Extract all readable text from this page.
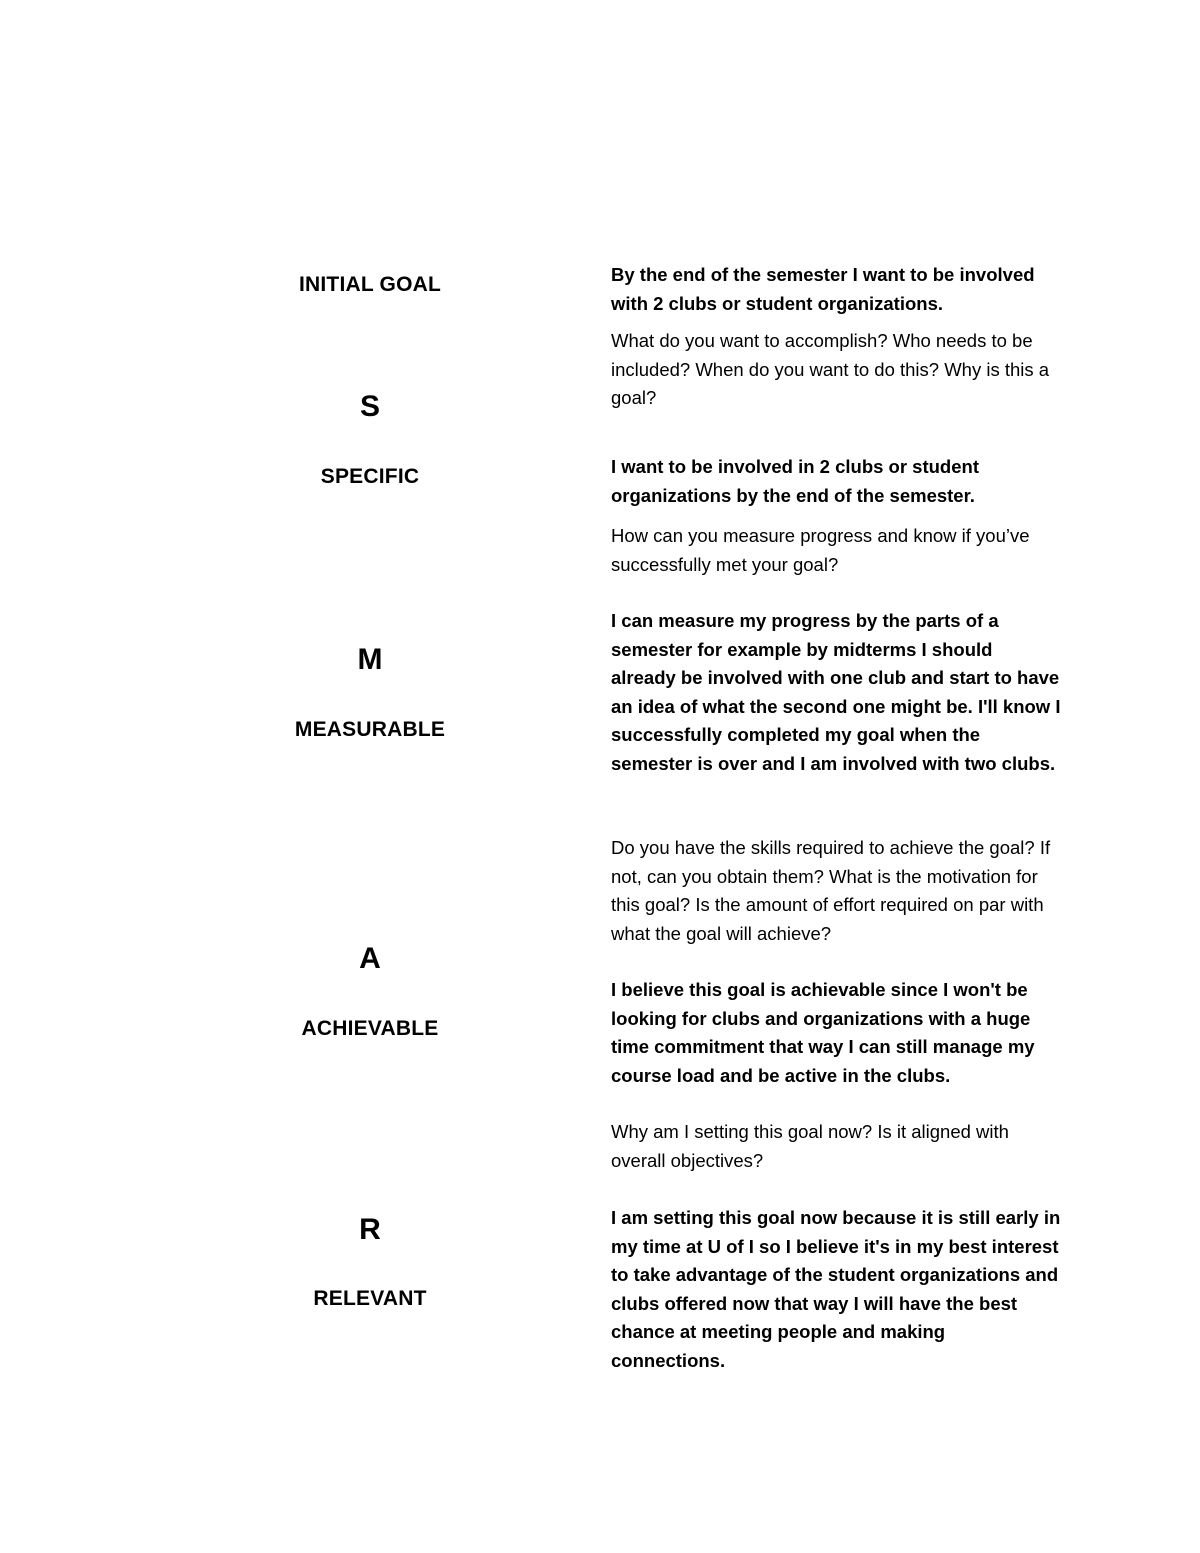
INITIAL GOAL
S
SPECIFIC
M
MEASURABLE
A
ACHIEVABLE
R
RELEVANT

By the end of the semester I want to be involved with 2 clubs or student organizations.

What do you want to accomplish? Who needs to be included? When do you want to do this? Why is this a goal?

I want to be involved in 2 clubs or student organizations by the end of the semester.

How can you measure progress and know if you’ve successfully met your goal?

I can measure my progress by the parts of a semester for example by midterms I should already be involved with one club and start to have an idea of what the second one might be. I'll know I successfully completed my goal when the semester is over and I am involved with two clubs.

Do you have the skills required to achieve the goal? If not, can you obtain them? What is the motivation for this goal? Is the amount of effort required on par with what the goal will achieve?

I believe this goal is achievable since I won't be looking for clubs and organizations with a huge time commitment that way I can still manage my course load and be active in the clubs.

Why am I setting this goal now? Is it aligned with overall objectives?

I am setting this goal now because it is still early in my time at U of I so I believe it's in my best interest to take advantage of the student organizations and clubs offered now that way I will have the best chance at meeting people and making connections.
